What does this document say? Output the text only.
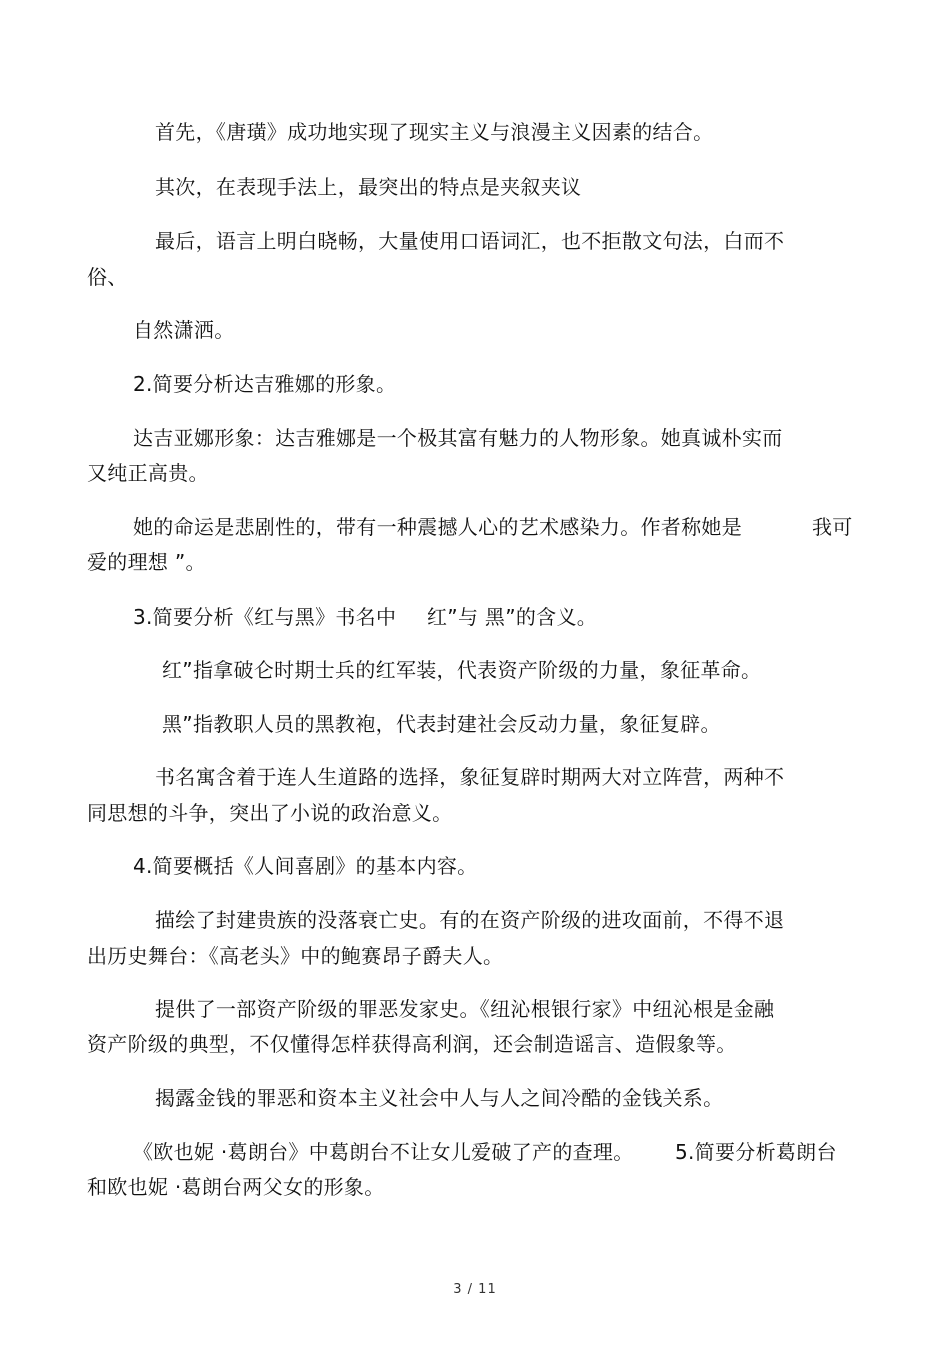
首先，《唐璜》成功地实现了现实主义与浪漫主义因素的结合。
其次，在表现手法上，最突出的特点是夹叙夹议
最后，语言上明白晓畅，大量使用口语词汇，也不拒散文句法，白而不
俗、
自然潇洒。
2.简要分析达吉雅娜的形象。
达吉亚娜形象：达吉雅娜是一个极其富有魅力的人物形象。她真诚朴实而
又纯正高贵。
她的命运是悲剧性的，带有一种震撼人心的艺术感染力。作者称她是	我可
爱的理想 ”。
3.简要分析《红与黑》书名中 红”与 黑”的含义。
红”指拿破仑时期士兵的红军装，代表资产阶级的力量，象征革命。
黑”指教职人员的黑教袍，代表封建社会反动力量，象征复辟。
书名寓含着于连人生道路的选择，象征复辟时期两大对立阵营，两种不
同思想的斗争，突出了小说的政治意义。
4.简要概括《人间喜剧》的基本内容。
描绘了封建贵族的没落衰亡史。有的在资产阶级的进攻面前，不得不退
出历史舞台：《高老头》中的鲍赛昂子爵夫人。
提供了一部资产阶级的罪恶发家史。《纽沁根银行家》中纽沁根是金融
资产阶级的典型，不仅懂得怎样获得高利润，还会制造谣言、造假象等。
揭露金钱的罪恶和资本主义社会中人与人之间冷酷的金钱关系。
《欧也妮 ·葛朗台》中葛朗台不让女儿爱破了产的查理。 5.简要分析葛朗台
和欧也妮 ·葛朗台两父女的形象。
3 / 11
